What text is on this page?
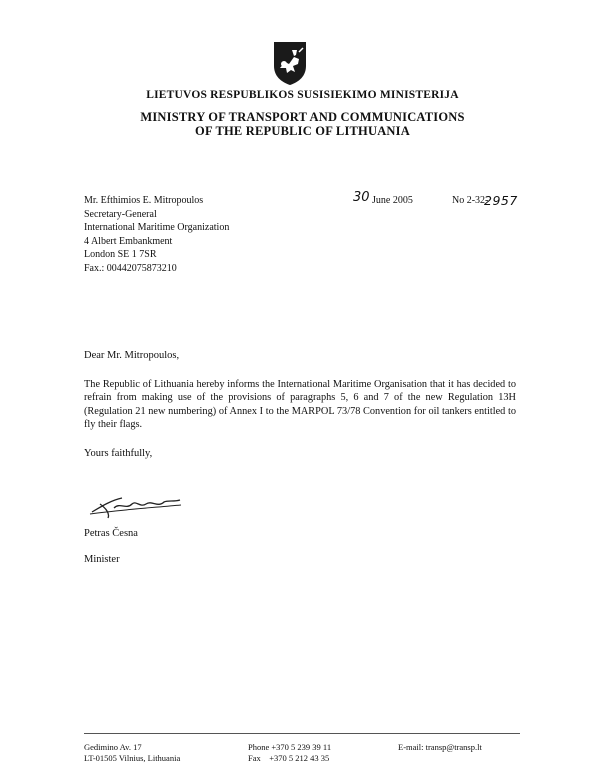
LIETUVOS RESPUBLIKOS SUSISIEKIMO MINISTERIJA
MINISTRY OF TRANSPORT AND COMMUNICATIONS
OF THE REPUBLIC OF LITHUANIA
Mr. Efthimios E. Mitropoulos
Secretary-General
International Maritime Organization
4 Albert Embankment
London SE 1 7SR
Fax.: 00442075873210
30 June 2005	No 2-32-
2957
Dear Mr. Mitropoulos,
The Republic of Lithuania hereby informs the International Maritime Organisation that it has decided to refrain from making use of the provisions of paragraphs 5, 6 and 7 of the new Regulation 13H (Regulation 21 new numbering) of Annex I to the MARPOL 73/78 Convention for oil tankers entitled to fly their flags.
Yours faithfully,
Petras Česna
Minister
Gedimino Av. 17
LT-01505 Vilnius, Lithuania
Phone +370 5 239 39 11
Fax    +370 5 212 43 35
E-mail: transp@transp.lt
